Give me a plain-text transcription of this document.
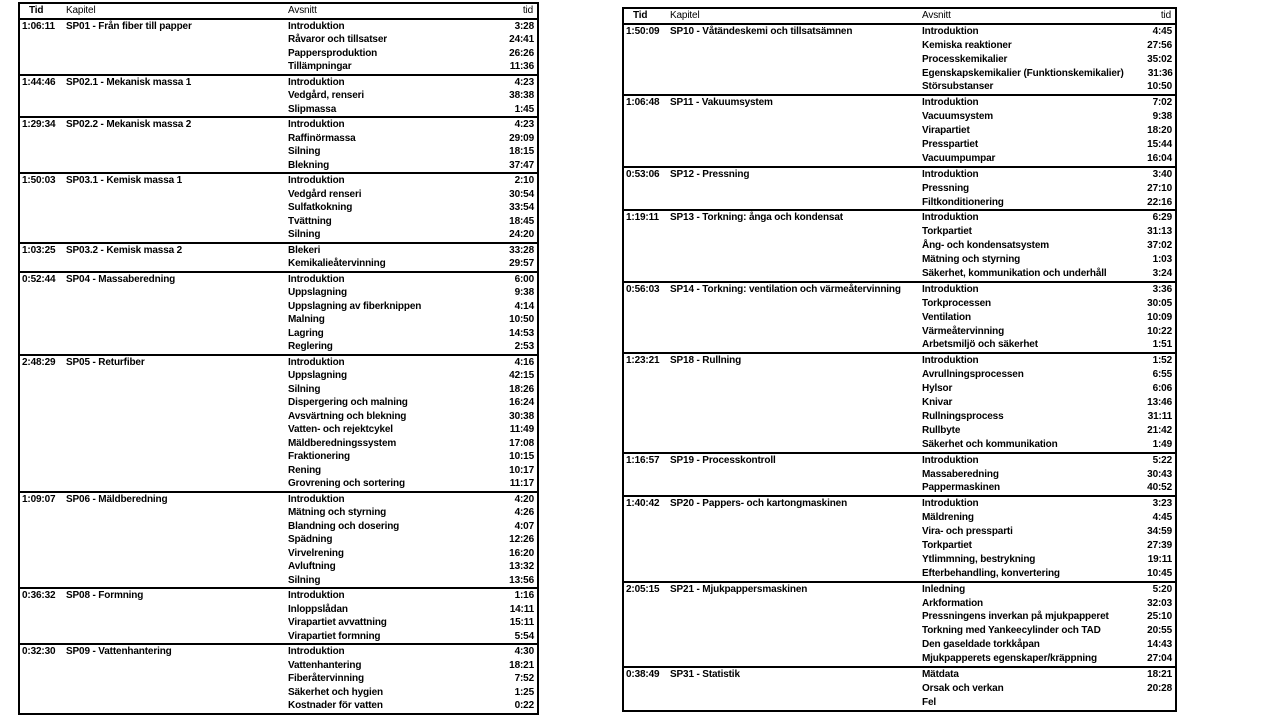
Tid	Kapitel	Avsnitt	tid
1:06:11	SP01 - Från fiber till papper	Introduktion	3:28
Råvaror och tillsatser	24:41
Pappersproduktion	26:26
Tillämpningar	11:36
1:44:46	SP02.1 - Mekanisk massa 1	Introduktion	4:23
Vedgård, renseri	38:38
Slipmassa	1:45
1:29:34	SP02.2 - Mekanisk massa 2	Introduktion	4:23
Raffinörmassa	29:09
Silning	18:15
Blekning	37:47
1:50:03	SP03.1 - Kemisk massa 1	Introduktion	2:10
Vedgård renseri	30:54
Sulfatkokning	33:54
Tvättning	18:45
Silning	24:20
1:03:25	SP03.2 - Kemisk massa 2	Blekeri	33:28
Kemikalieåtervinning	29:57
0:52:44	SP04 - Massaberedning	Introduktion	6:00
Uppslagning	9:38
Uppslagning av fiberknippen	4:14
Malning	10:50
Lagring	14:53
Reglering	2:53
2:48:29	SP05 - Returfiber	Introduktion	4:16
Uppslagning	42:15
Silning	18:26
Dispergering och malning	16:24
Avsvärtning och blekning	30:38
Vatten- och rejektcykel	11:49
Mäldberedningssystem	17:08
Fraktionering	10:15
Rening	10:17
Grovrening och sortering	11:17
1:09:07	SP06 - Mäldberedning	Introduktion	4:20
Mätning och styrning	4:26
Blandning och dosering	4:07
Spädning	12:26
Virvelrening	16:20
Avluftning	13:32
Silning	13:56
0:36:32	SP08 - Formning	Introduktion	1:16
Inloppslådan	14:11
Virapartiet avvattning	15:11
Virapartiet formning	5:54
0:32:30	SP09 - Vattenhantering	Introduktion	4:30
Vattenhantering	18:21
Fiberåtervinning	7:52
Säkerhet och hygien	1:25
Kostnader för vatten	0:22
Tid	Kapitel	Avsnitt	tid
1:50:09	SP10 - Våtändeskemi och tillsatsämnen	Introduktion	4:45
Kemiska reaktioner	27:56
Processkemikalier	35:02
Egenskapskemikalier (Funktionskemikalier)	31:36
Störsubstanser	10:50
1:06:48	SP11 - Vakuumsystem	Introduktion	7:02
Vacuumsystem	9:38
Virapartiet	18:20
Presspartiet	15:44
Vacuumpumpar	16:04
0:53:06	SP12 - Pressning	Introduktion	3:40
Pressning	27:10
Filtkonditionering	22:16
1:19:11	SP13 - Torkning: ånga och kondensat	Introduktion	6:29
Torkpartiet	31:13
Ång- och kondensatsystem	37:02
Mätning och styrning	1:03
Säkerhet, kommunikation och underhåll	3:24
0:56:03	SP14 - Torkning: ventilation och värmeåtervinning	Introduktion	3:36
Torkprocessen	30:05
Ventilation	10:09
Värmeåtervinning	10:22
Arbetsmiljö och säkerhet	1:51
1:23:21	SP18 - Rullning	Introduktion	1:52
Avrullningsprocessen	6:55
Hylsor	6:06
Knivar	13:46
Rullningsprocess	31:11
Rullbyte	21:42
Säkerhet och kommunikation	1:49
1:16:57	SP19 - Processkontroll	Introduktion	5:22
Massaberedning	30:43
Pappermaskinen	40:52
1:40:42	SP20 - Pappers- och kartongmaskinen	Introduktion	3:23
Mäldrening	4:45
Vira- och pressparti	34:59
Torkpartiet	27:39
Ytlimmning, bestrykning	19:11
Efterbehandling, konvertering	10:45
2:05:15	SP21 - Mjukpappersmaskinen	Inledning	5:20
Arkformation	32:03
Pressningens inverkan på mjukpapperet	25:10
Torkning med Yankeecylinder och TAD	20:55
Den gaseldade torkkåpan	14:43
Mjukpapperets egenskaper/kräppning	27:04
0:38:49	SP31 - Statistik	Mätdata	18:21
Orsak och verkan	20:28
Fel
